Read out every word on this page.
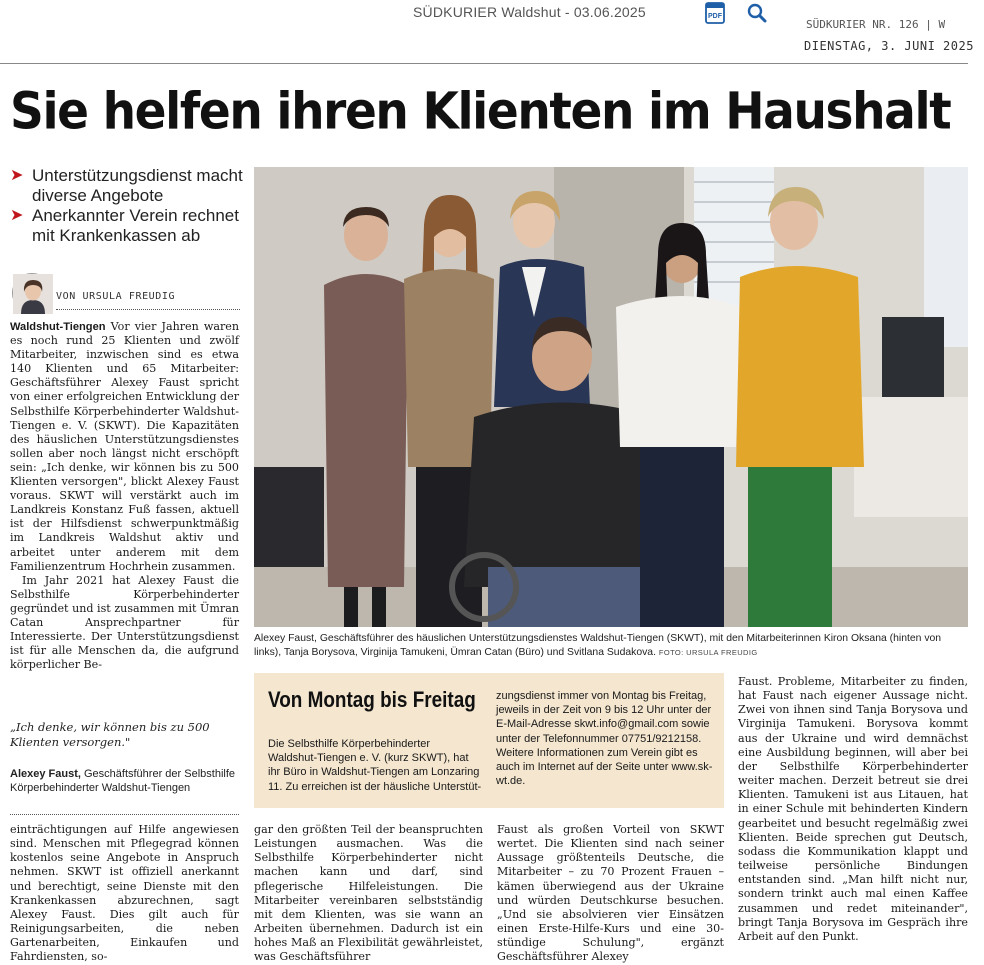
SÜDKURIER Waldshut - 03.06.2025	PDF
SÜDKURIER NR. 126 | W
DIENSTAG, 3. JUNI 2025
Sie helfen ihren Klienten im Haushalt
➤ Unterstützungsdienst macht diverse Angebote
➤ Anerkannter Verein rechnet mit Krankenkassen ab
VON URSULA FREUDIG

Waldshut-Tiengen Vor vier Jahren waren es noch rund 25 Klienten und zwölf Mitarbeiter, inzwischen sind es etwa 140 Klienten und 65 Mitarbeiter: Geschäftsführer Alexey Faust spricht von einer erfolgreichen Entwicklung der Selbsthilfe Körperbehinderter Waldshut-Tiengen e. V. (SKWT). Die Kapazitäten des häuslichen Unterstützungsdienstes sollen aber noch längst nicht erschöpft sein: „Ich denke, wir können bis zu 500 Klienten versorgen", blickt Alexey Faust voraus. SKWT will verstärkt auch im Landkreis Konstanz Fuß fassen, aktuell ist der Hilfsdienst schwerpunktmäßig im Landkreis Waldshut aktiv und arbeitet unter anderem mit dem Familienzentrum Hochrhein zusammen.

Im Jahr 2021 hat Alexey Faust die Selbsthilfe Körperbehinderter gegründet und ist zusammen mit Ümran Catan Ansprechpartner für Interessierte. Der Unterstützungsdienst ist für alle Menschen da, die aufgrund körperlicher Be-

„Ich denke, wir können bis zu 500 Klienten versorgen."
Alexey Faust, Geschäftsführer der Selbsthilfe Körperbehinderter Waldshut-Tiengen
Alexey Faust, Geschäftsführer des häuslichen Unterstützungsdienstes Waldshut-Tiengen (SKWT), mit den Mitarbeiterinnen Kiron Oksana (hinten von links), Tanja Borysova, Virginija Tamukeni, Ümran Catan (Büro) und Svitlana Sudakova. FOTO: URSULA FREUDIG
Von Montag bis Freitag
Die Selbsthilfe Körperbehinderter Waldshut-Tiengen e. V. (kurz SKWT), hat ihr Büro in Waldshut-Tiengen am Lonzaring 11. Zu erreichen ist der häusliche Unterstüt-
zungsdienst immer von Montag bis Freitag, jeweils in der Zeit von 9 bis 12 Uhr unter der E-Mail-Adresse skwt.info@gmail.com sowie unter der Telefonnummer 07751/9212158. Weitere Informationen zum Verein gibt es auch im Internet auf der Seite unter www.sk-wt.de.
Faust. Probleme, Mitarbeiter zu finden, hat Faust nach eigener Aussage nicht. Zwei von ihnen sind Tanja Borysova und Virginija Tamukeni. Borysova kommt aus der Ukraine und wird demnächst eine Ausbildung beginnen, will aber bei der Selbsthilfe Körperbehinderter weiter machen. Derzeit betreut sie drei Klienten. Tamukeni ist aus Litauen, hat in einer Schule mit behinderten Kindern gearbeitet und besucht regelmäßig zwei Klienten. Beide sprechen gut Deutsch, sodass die Kommunikation klappt und teilweise persönliche Bindungen entstanden sind. „Man hilft nicht nur, sondern trinkt auch mal einen Kaffee zusammen und redet miteinander", bringt Tanja Borysova im Gespräch ihre Arbeit auf den Punkt.
einträchtigungen auf Hilfe angewiesen sind. Menschen mit Pflegegrad können kostenlos seine Angebote in Anspruch nehmen. SKWT ist offiziell anerkannt und berechtigt, seine Dienste mit den Krankenkassen abzurechnen, sagt Alexey Faust. Dies gilt auch für Reinigungsarbeiten, die neben Gartenarbeiten, Einkaufen und Fahrdiensten, so-
gar den größten Teil der beanspruchten Leistungen ausmachen. Was die Selbsthilfe Körperbehinderter nicht machen kann und darf, sind pflegerische Hilfeleistungen. Die Mitarbeiter vereinbaren selbstständig mit dem Klienten, was sie wann an Arbeiten übernehmen. Dadurch ist ein hohes Maß an Flexibilität gewährleistet, was Geschäftsführer
Faust als großen Vorteil von SKWT wertet. Die Klienten sind nach seiner Aussage größtenteils Deutsche, die Mitarbeiter – zu 70 Prozent Frauen – kämen überwiegend aus der Ukraine und würden Deutschkurse besuchen. „Und sie absolvieren vier Einsätzen einen Erste-Hilfe-Kurs und eine 30-stündige Schulung", ergänzt Geschäftsführer Alexey
